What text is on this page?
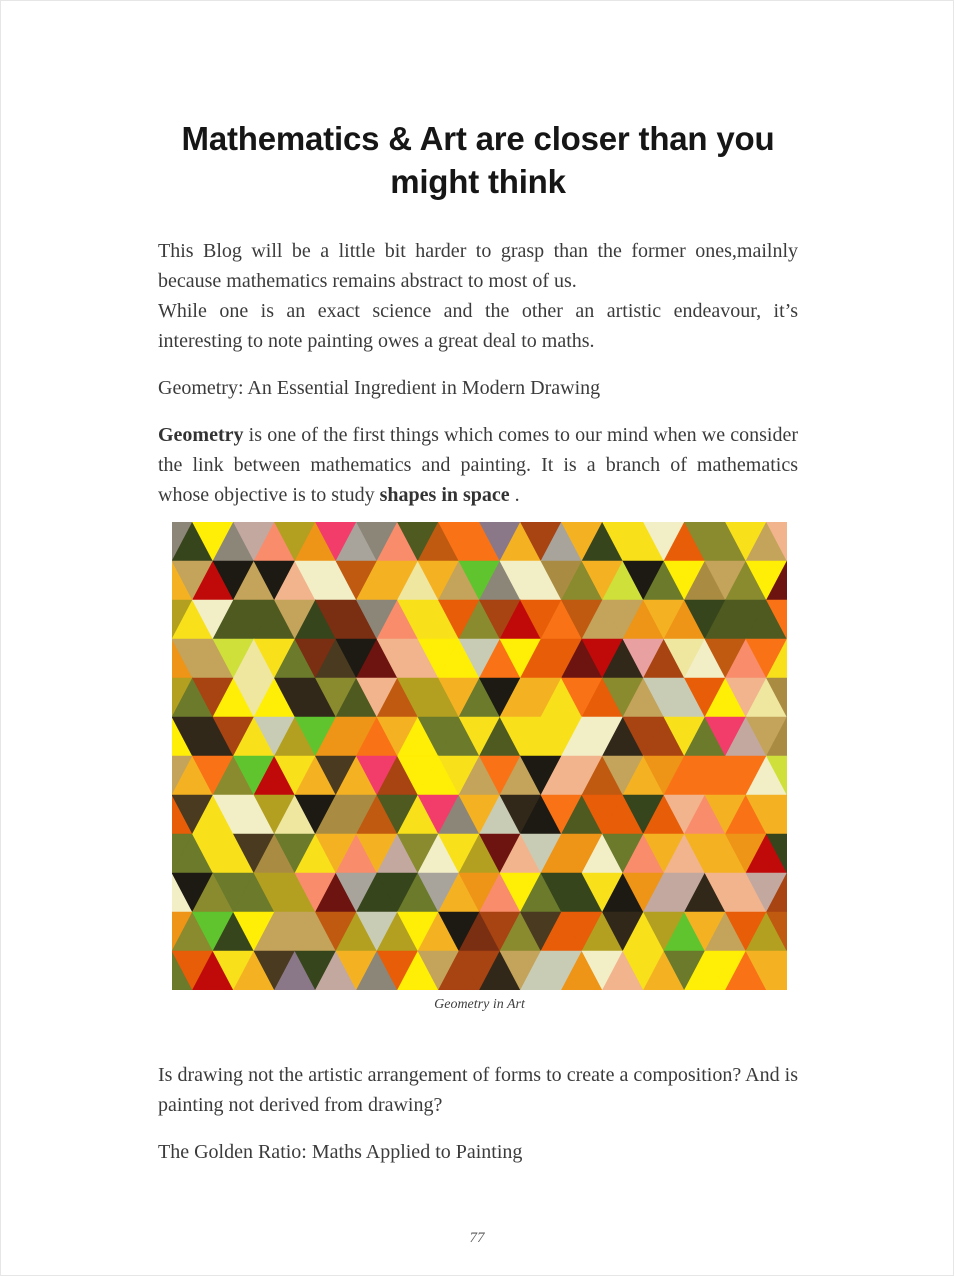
Mathematics & Art are closer than you
might think

This Blog will be a little bit harder to grasp than the former ones,mailnly because mathematics remains abstract to most of us.
While one is an exact science and the other an artistic endeavour, it’s interesting to note painting owes a great deal to maths.

Geometry: An Essential Ingredient in Modern Drawing

Geometry is one of the first things which comes to our mind when we consider the link between mathematics and painting. It is a branch of mathematics whose objective is to study shapes in space .

Geometry in Art

Is drawing not the artistic arrangement of forms to create a composition? And is painting not derived from drawing?

The Golden Ratio: Maths Applied to Painting

77
